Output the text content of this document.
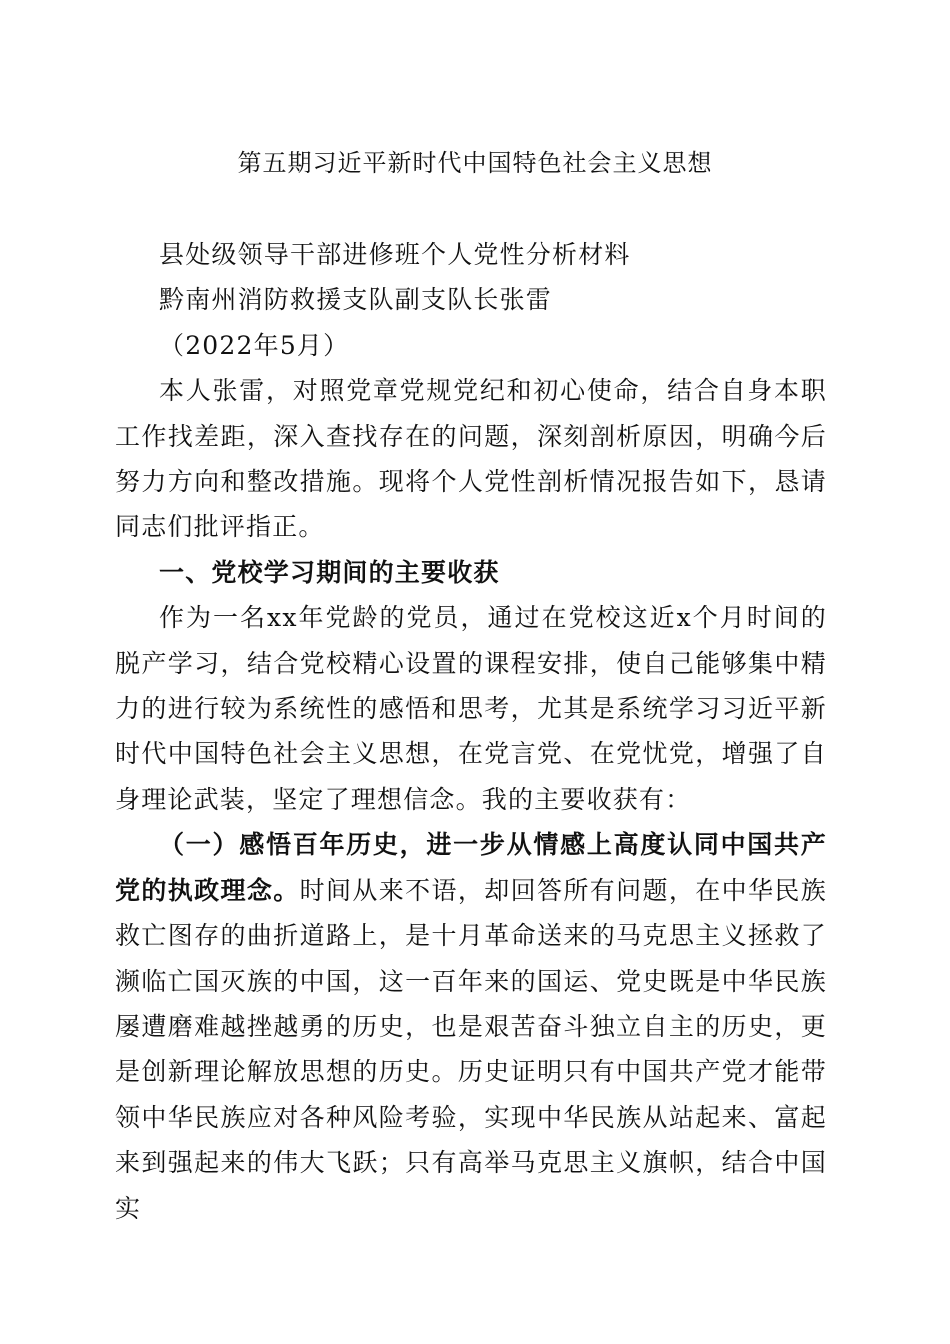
第五期习近平新时代中国特色社会主义思想

县处级领导干部进修班个人党性分析材料

黔南州消防救援支队副支队长张雷

（2022年5月）

本人张雷，对照党章党规党纪和初心使命，结合自身本职工作找差距，深入查找存在的问题，深刻剖析原因，明确今后努力方向和整改措施。现将个人党性剖析情况报告如下，恳请同志们批评指正。

一、党校学习期间的主要收获

作为一名xx年党龄的党员，通过在党校这近x个月时间的脱产学习，结合党校精心设置的课程安排，使自己能够集中精力的进行较为系统性的感悟和思考，尤其是系统学习习近平新时代中国特色社会主义思想，在党言党、在党忧党，增强了自身理论武装，坚定了理想信念。我的主要收获有：

（一）感悟百年历史，进一步从情感上高度认同中国共产党的执政理念。时间从来不语，却回答所有问题，在中华民族救亡图存的曲折道路上，是十月革命送来的马克思主义拯救了濒临亡国灭族的中国，这一百年来的国运、党史既是中华民族屡遭磨难越挫越勇的历史，也是艰苦奋斗独立自主的历史，更是创新理论解放思想的历史。历史证明只有中国共产党才能带领中华民族应对各种风险考验，实现中华民族从站起来、富起来到强起来的伟大飞跃；只有高举马克思主义旗帜，结合中国实
